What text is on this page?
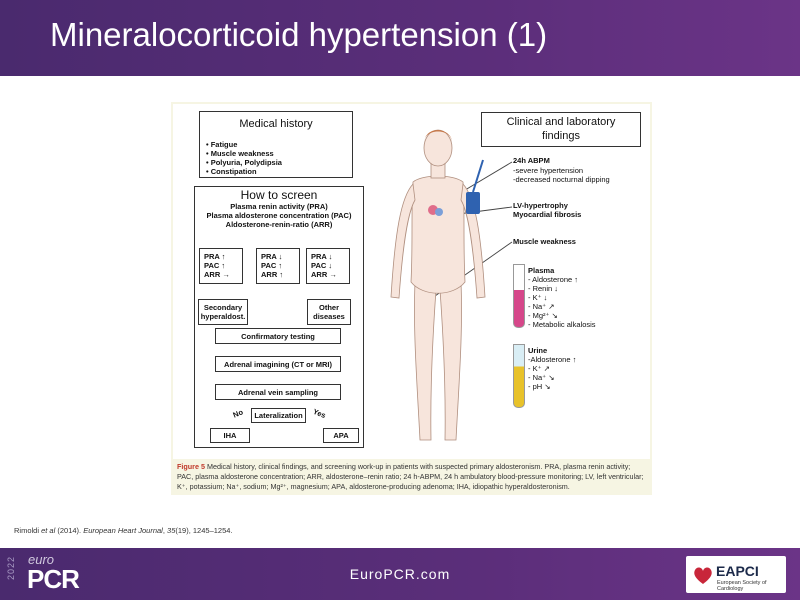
Mineralocorticoid hypertension (1)
Medical history
• Fatigue
• Muscle weakness
• Polyuria, Polydipsia
• Constipation
How to screen
Plasma renin activity (PRA)
Plasma aldosterone concentration (PAC)
Aldosterone-renin-ratio (ARR)
PRA ↑
PAC ↑
ARR →
PRA ↓
PAC ↑
ARR ↑
PRA ↓
PAC ↓
ARR →
Secondary
hyperaldost.
Other
diseases
Confirmatory testing
Adrenal imagining (CT or MRI)
Adrenal vein sampling
Lateralization
No	Yes
IHA	APA
Clinical and laboratory
findings
24h ABPM
-severe hypertension
-decreased nocturnal dipping
LV-hypertrophy
Myocardial fibrosis
Muscle weakness
Plasma
- Aldosterone ↑
- Renin ↓
- K⁺ ↓
- Na⁺ ↗
- Mg²⁺ ↘
- Metabolic alkalosis
Urine
-Aldosterone ↑
- K⁺ ↗
- Na⁺ ↘
- pH ↘
Figure 5 Medical history, clinical findings, and screening work-up in patients with suspected primary aldosteronism. PRA, plasma renin activity; PAC, plasma aldosterone concentration; ARR, aldosterone–renin ratio; 24 h-ABPM, 24 h ambulatory blood-pressure monitoring; LV, left ventricular; K⁺, potassium; Na⁺, sodium; Mg²⁺, magnesium; APA, aldosterone-producing adenoma; IHA, idiopathic hyperaldosteronism.
Rimoldi et al (2014). European Heart Journal, 35(19), 1245–1254.
2022 euro
PCR	EuroPCR.com	EAPCI
European Society of Cardiology
